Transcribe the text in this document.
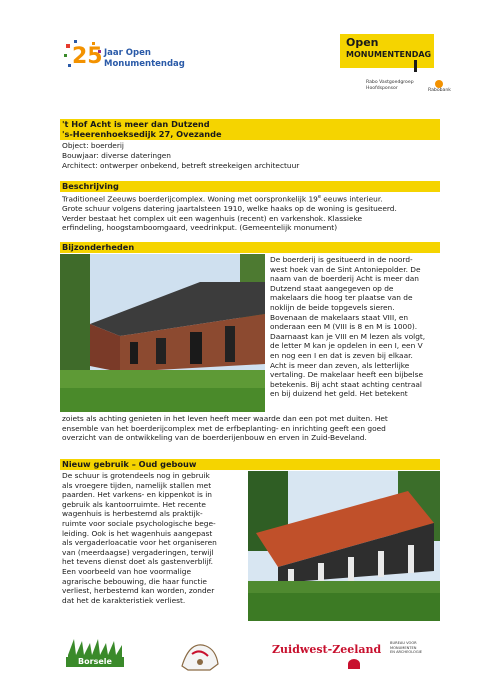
25 Jaar Open
Monumentendag
Open
MONUMENTENDAG
Rabo Vastgoedgroep
Hoofdsponsor	Rabobank
't Hof Acht is meer dan Dutzend
's-Heerenhoeksedijk 27, Ovezande
Object: boerderij
Bouwjaar: diverse dateringen
Architect: ontwerper onbekend, betreft streekeigen architectuur
Beschrijving
Traditioneel Zeeuws boerderijcomplex. Woning met oorspronkelijk 19e eeuws interieur.
Grote schuur volgens datering jaartalsteen 1910, welke haaks op de woning is gesitueerd.
Verder bestaat het complex uit een wagenhuis (recent) en varkenshok. Klassieke
erfindeling, hoogstamboomgaard, veedrinkput. (Gemeentelijk monument)
Bijzonderheden
De boerderij is gesitueerd in de noord-
west hoek van de Sint Antoniepolder. De
naam van de boerderij Acht is meer dan
Dutzend staat aangegeven op de
makelaars die hoog ter plaatse van de
noklijn de beide topgevels sieren.
Bovenaan de makelaars staat VIII, en
onderaan een M (VIII is 8 en M is 1000).
Daarnaast kan je VIII en M lezen als volgt,
de letter M kan je opdelen in een I, een V
en nog een I en dat is zeven bij elkaar.
Acht is meer dan zeven, als letterlijke
vertaling. De makelaar heeft een bijbelse
betekenis. Bij acht staat achting centraal
en bij duizend het geld. Het betekent
zoiets als achting genieten in het leven heeft meer waarde dan een pot met duiten. Het
ensemble van het boerderijcomplex met de erfbeplanting- en inrichting geeft een goed
overzicht van de ontwikkeling van de boerderijenbouw en erven in Zuid-Beveland.
Nieuw gebruik – Oud gebouw
De schuur is grotendeels nog in gebruik
als vroegere tijden, namelijk stallen met
paarden. Het varkens- en kippenkot is in
gebruik als kantoorruimte. Het recente
wagenhuis is herbestemd als praktijk-
ruimte voor sociale psychologische bege-
leiding. Ook is het wagenhuis aangepast
als vergaderloacatie voor het organiseren
van (meerdaagse) vergaderingen, terwijl
het tevens dienst doet als gastenverblijf.
Een voorbeeld van hoe voormalige
agrarische bebouwing, die haar functie
verliest, herbestemd kan worden, zonder
dat het de karakteristiek verliest.
Borsele
Zuidwest-Zeeland BUREAU VOOR
MONUMENTEN
EN ARCHEOLOGIE
